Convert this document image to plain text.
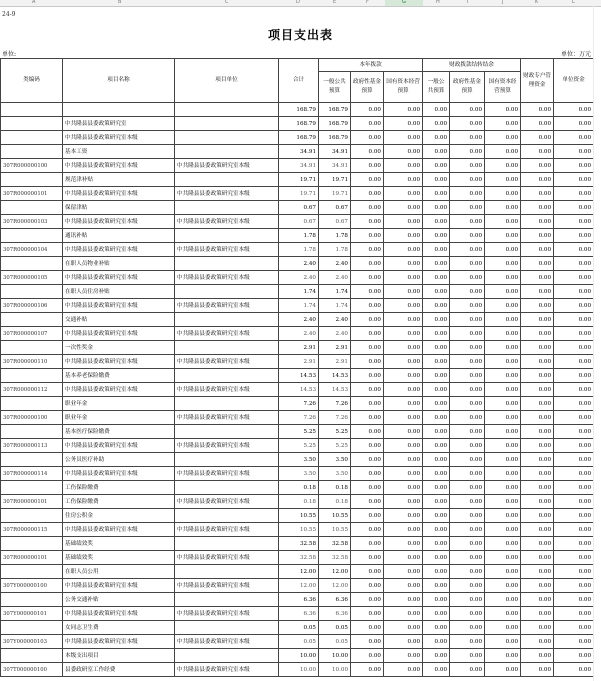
A	B	C	D	E	F	G	H	I	J	K	L
24-9
项目支出表
单位:	单位：万元
类编码	项目名称	项目单位	合计	本年拨款			财政拨款结转结余			财政专户管理资金	单位资金
				一般公共预算	政府性基金预算	国有资本经营预算	一般公共预算	政府性基金预算	国有资本经营预算		
			168.79	168.79	0.00	0.00	0.00	0.00	0.00	0.00	0.00
	中共隆县县委政策研究室		168.79	168.79	0.00	0.00	0.00	0.00	0.00	0.00	0.00
	中共隆县县委政策研究室本级		168.79	168.79	0.00	0.00	0.00	0.00	0.00	0.00	0.00
	基本工资		34.91	34.91	0.00	0.00	0.00	0.00	0.00	0.00	0.00
307R000000100	中共隆县县委政策研究室本级	中共隆县县委政策研究室本级	34.91	34.91	0.00	0.00	0.00	0.00	0.00	0.00	0.00
	规范津补贴		19.71	19.71	0.00	0.00	0.00	0.00	0.00	0.00	0.00
307R000000101	中共隆县县委政策研究室本级	中共隆县县委政策研究室本级	19.71	19.71	0.00	0.00	0.00	0.00	0.00	0.00	0.00
	保留津贴		0.67	0.67	0.00	0.00	0.00	0.00	0.00	0.00	0.00
307R000000103	中共隆县县委政策研究室本级	中共隆县县委政策研究室本级	0.67	0.67	0.00	0.00	0.00	0.00	0.00	0.00	0.00
	通讯补贴		1.78	1.78	0.00	0.00	0.00	0.00	0.00	0.00	0.00
307R000000104	中共隆县县委政策研究室本级	中共隆县县委政策研究室本级	1.78	1.78	0.00	0.00	0.00	0.00	0.00	0.00	0.00
	在职人员物业补贴		2.40	2.40	0.00	0.00	0.00	0.00	0.00	0.00	0.00
307R000000105	中共隆县县委政策研究室本级	中共隆县县委政策研究室本级	2.40	2.40	0.00	0.00	0.00	0.00	0.00	0.00	0.00
	在职人员住房补贴		1.74	1.74	0.00	0.00	0.00	0.00	0.00	0.00	0.00
307R000000106	中共隆县县委政策研究室本级	中共隆县县委政策研究室本级	1.74	1.74	0.00	0.00	0.00	0.00	0.00	0.00	0.00
	交通补贴		2.40	2.40	0.00	0.00	0.00	0.00	0.00	0.00	0.00
307R000000107	中共隆县县委政策研究室本级	中共隆县县委政策研究室本级	2.40	2.40	0.00	0.00	0.00	0.00	0.00	0.00	0.00
	一次性奖金		2.91	2.91	0.00	0.00	0.00	0.00	0.00	0.00	0.00
307R000000110	中共隆县县委政策研究室本级	中共隆县县委政策研究室本级	2.91	2.91	0.00	0.00	0.00	0.00	0.00	0.00	0.00
	基本养老保险缴费		14.53	14.53	0.00	0.00	0.00	0.00	0.00	0.00	0.00
307R000000112	中共隆县县委政策研究室本级	中共隆县县委政策研究室本级	14.53	14.53	0.00	0.00	0.00	0.00	0.00	0.00	0.00
	职业年金		7.26	7.26	0.00	0.00	0.00	0.00	0.00	0.00	0.00
307R000000100	职业年金	中共隆县县委政策研究室本级	7.26	7.26	0.00	0.00	0.00	0.00	0.00	0.00	0.00
	基本医疗保险缴费		5.25	5.25	0.00	0.00	0.00	0.00	0.00	0.00	0.00
307R000000113	中共隆县县委政策研究室本级	中共隆县县委政策研究室本级	5.25	5.25	0.00	0.00	0.00	0.00	0.00	0.00	0.00
	公务员医疗补助		3.50	3.50	0.00	0.00	0.00	0.00	0.00	0.00	0.00
307R000000114	中共隆县县委政策研究室本级	中共隆县县委政策研究室本级	3.50	3.50	0.00	0.00	0.00	0.00	0.00	0.00	0.00
	工伤保险缴费		0.18	0.18	0.00	0.00	0.00	0.00	0.00	0.00	0.00
307R000000101	工伤保险缴费	中共隆县县委政策研究室本级	0.18	0.18	0.00	0.00	0.00	0.00	0.00	0.00	0.00
	住房公积金		10.55	10.55	0.00	0.00	0.00	0.00	0.00	0.00	0.00
307R000000115	中共隆县县委政策研究室本级	中共隆县县委政策研究室本级	10.55	10.55	0.00	0.00	0.00	0.00	0.00	0.00	0.00
	基础绩效奖		32.58	32.58	0.00	0.00	0.00	0.00	0.00	0.00	0.00
307R000000101	基础绩效奖	中共隆县县委政策研究室本级	32.58	32.58	0.00	0.00	0.00	0.00	0.00	0.00	0.00
	在职人员公用		12.00	12.00	0.00	0.00	0.00	0.00	0.00	0.00	0.00
307Y000000100	中共隆县县委政策研究室本级	中共隆县县委政策研究室本级	12.00	12.00	0.00	0.00	0.00	0.00	0.00	0.00	0.00
	公务交通补贴		6.36	6.36	0.00	0.00	0.00	0.00	0.00	0.00	0.00
307Y000000101	中共隆县县委政策研究室本级	中共隆县县委政策研究室本级	6.36	6.36	0.00	0.00	0.00	0.00	0.00	0.00	0.00
	女同志卫生费		0.05	0.05	0.00	0.00	0.00	0.00	0.00	0.00	0.00
307Y000000103	中共隆县县委政策研究室本级	中共隆县县委政策研究室本级	0.05	0.05	0.00	0.00	0.00	0.00	0.00	0.00	0.00
	本级支出项目		10.00	10.00	0.00	0.00	0.00	0.00	0.00	0.00	0.00
307T000000100	县委政研室工作经费	中共隆县县委政策研究室本级	10.00	10.00	0.00	0.00	0.00	0.00	0.00	0.00	0.00
